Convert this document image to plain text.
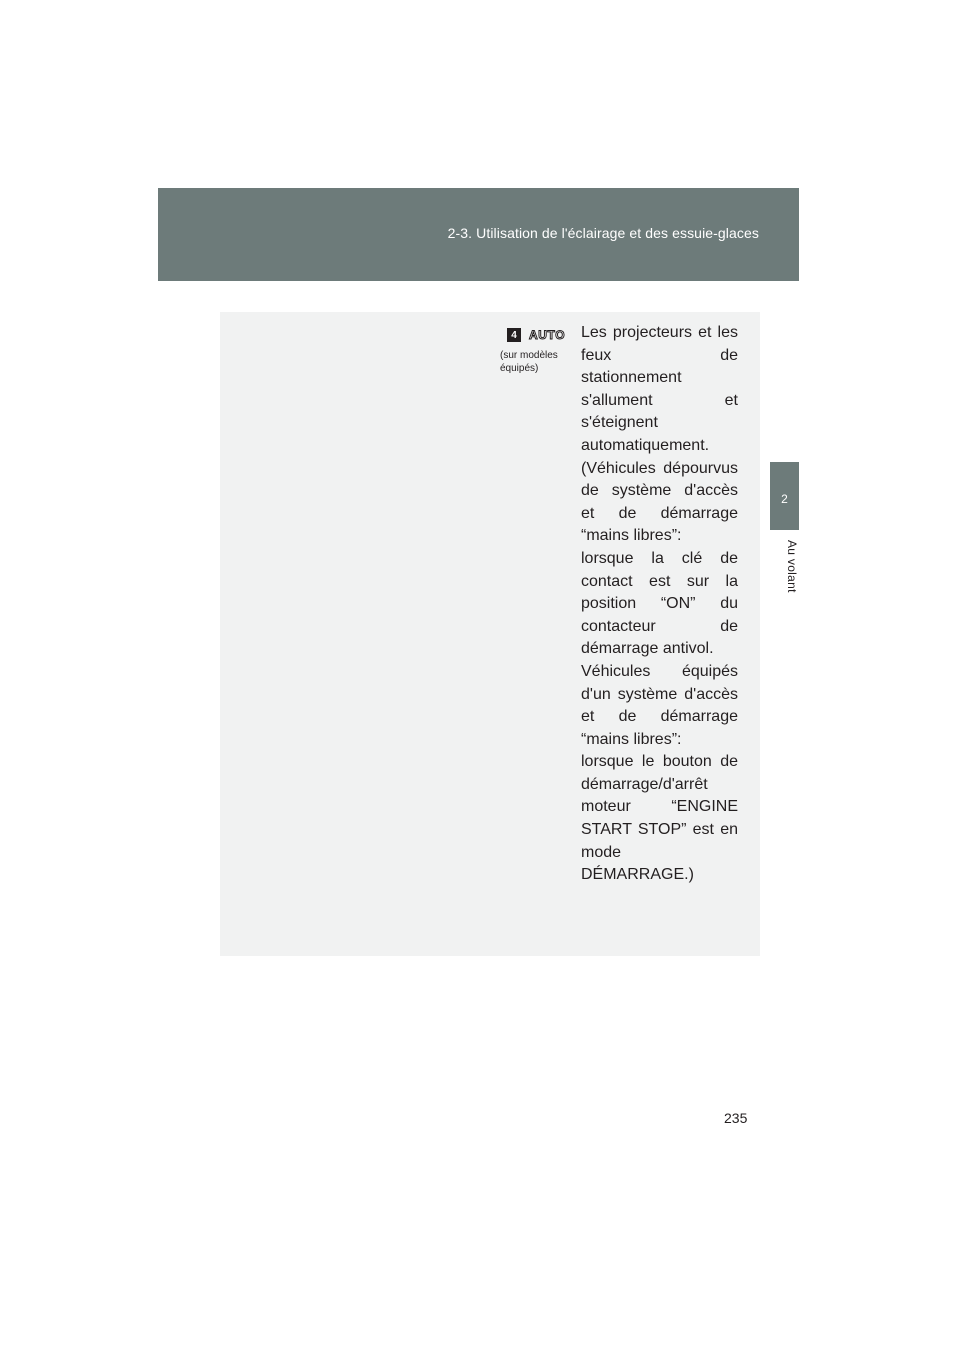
2-3. Utilisation de l'éclairage et des essuie-glaces
2
Au volant
4	AUTO
(sur modèles équipés)

Les projecteurs et les feux de stationnement s'allument et s'éteignent automatiquement.

(Véhicules dépourvus de système d'accès et de démarrage “mains libres”:

lorsque la clé de contact est sur la position “ON” du contacteur de démarrage antivol.

Véhicules équipés d'un système d'accès et de démarrage “mains libres”:

lorsque le bouton de démarrage/d'arrêt moteur “ENGINE START STOP” est en mode DÉMARRAGE.)

235
